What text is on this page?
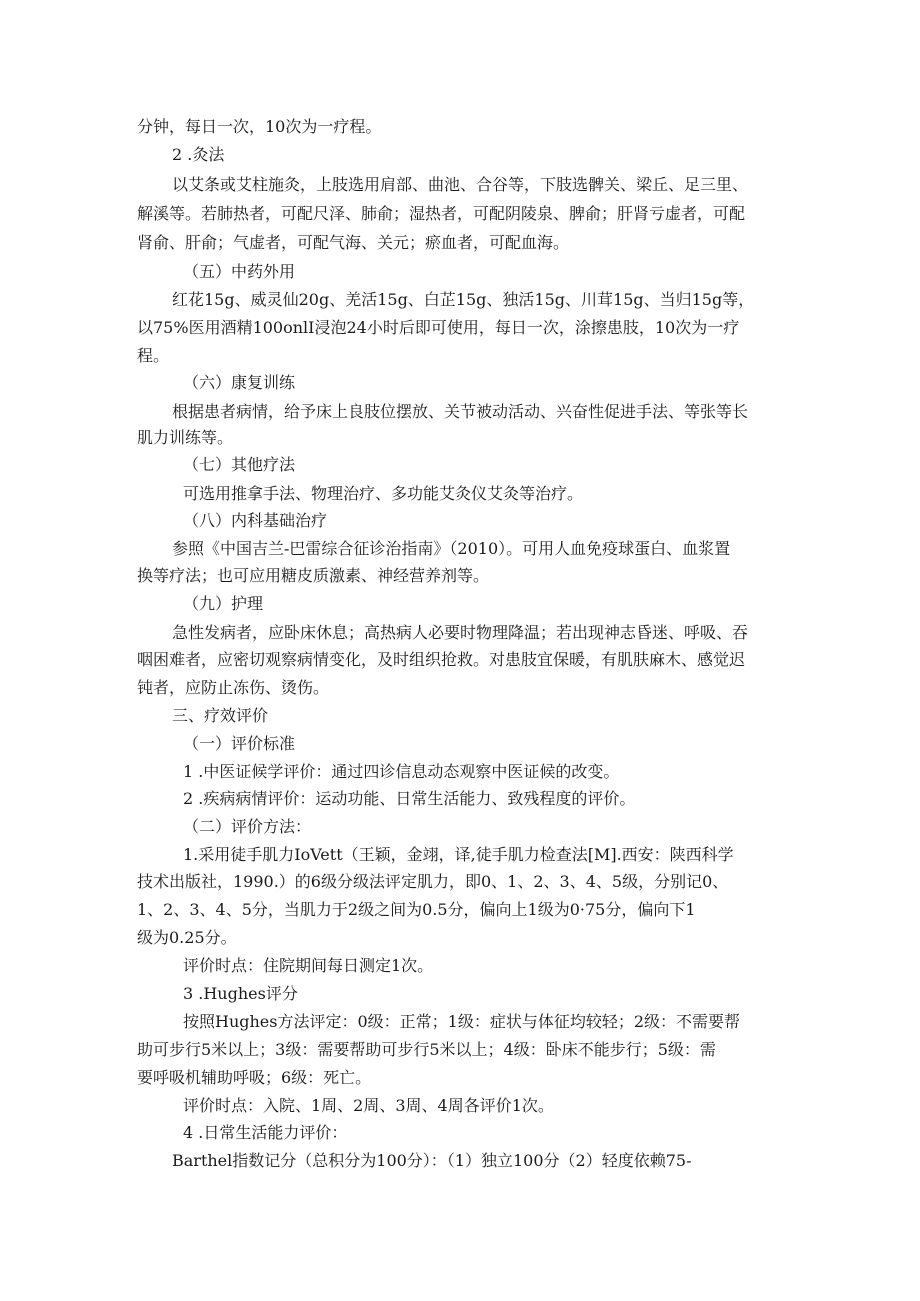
分钟，每日一次，10次为一疗程。
2 .灸法
以艾条或艾柱施灸，上肢选用肩部、曲池、合谷等，下肢选髀关、梁丘、足三里、
解溪等。若肺热者，可配尺泽、肺俞；湿热者，可配阴陵泉、脾俞；肝肾亏虚者，可配
肾俞、肝俞；气虚者，可配气海、关元；瘀血者，可配血海。
（五）中药外用
红花15g、威灵仙20g、羌活15g、白芷15g、独活15g、川茸15g、当归15g等，
以75%医用酒精100onlI浸泡24小时后即可使用，每日一次，涂擦患肢，10次为一疗
程。
（六）康复训练
根据患者病情，给予床上良肢位摆放、关节被动活动、兴奋性促进手法、等张等长
肌力训练等。
（七）其他疗法
可选用推拿手法、物理治疗、多功能艾灸仪艾灸等治疗。
（八）内科基础治疗
参照《中国吉兰-巴雷综合征诊治指南》（2010）。可用人血免疫球蛋白、血浆置
换等疗法；也可应用糖皮质激素、神经营养剂等。
（九）护理
急性发病者，应卧床休息；高热病人必要时物理降温；若出现神志昏迷、呼吸、吞
咽困难者，应密切观察病情变化，及时组织抢救。对患肢宜保暖，有肌肤麻木、感觉迟
钝者，应防止冻伤、烫伤。
三、疗效评价
（一）评价标准
1 .中医证候学评价：通过四诊信息动态观察中医证候的改变。
2 .疾病病情评价：运动功能、日常生活能力、致残程度的评价。
（二）评价方法：
1.采用徒手肌力IoVett（王颖，金翊，译,徒手肌力检查法[M].西安：陕西科学
技术出版社，1990.）的6级分级法评定肌力，即0、1、2、3、4、5级，分别记0、
1、2、3、4、5分，当肌力于2级之间为0.5分，偏向上1级为0·75分，偏向下1
级为0.25分。
评价时点：住院期间每日测定1次。
3 .Hughes评分
按照Hughes方法评定：0级：正常；1级：症状与体征均较轻；2级：不需要帮
助可步行5米以上；3级：需要帮助可步行5米以上；4级：卧床不能步行；5级：需
要呼吸机辅助呼吸；6级：死亡。
评价时点：入院、1周、2周、3周、4周各评价1次。
4 .日常生活能力评价：
Barthel指数记分（总积分为100分）：（1）独立100分（2）轻度依赖75-
